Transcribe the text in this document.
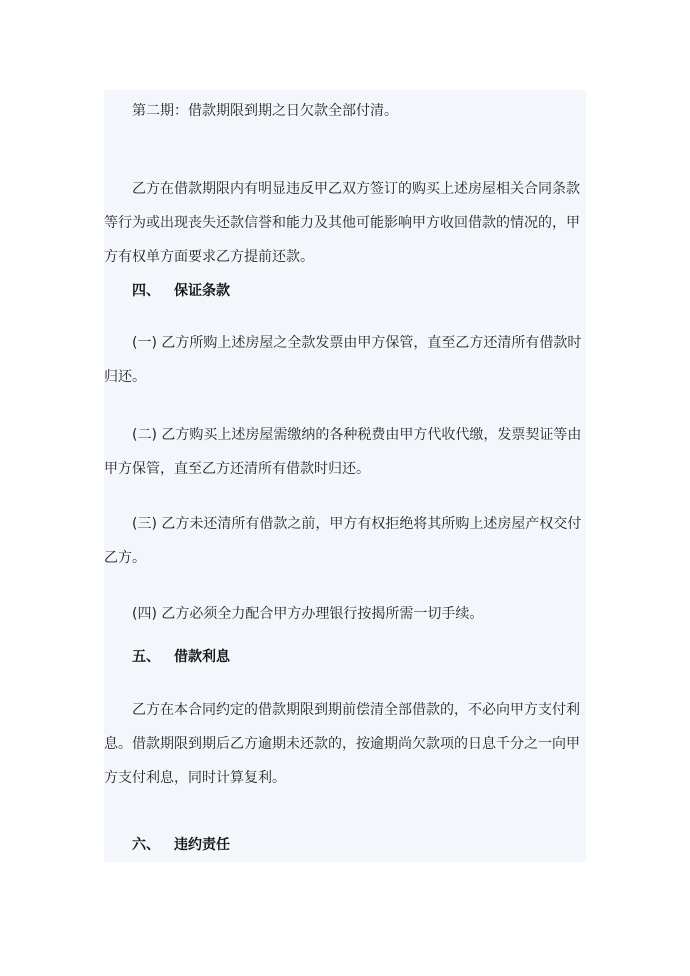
第二期：借款期限到期之日欠款全部付清。

乙方在借款期限内有明显违反甲乙双方签订的购买上述房屋相关合同条款
等行为或出现丧失还款信誉和能力及其他可能影响甲方收回借款的情况的，甲
方有权单方面要求乙方提前还款。

四、 保证条款

(一) 乙方所购上述房屋之全款发票由甲方保管，直至乙方还清所有借款时
归还。

(二) 乙方购买上述房屋需缴纳的各种税费由甲方代收代缴，发票契证等由
甲方保管，直至乙方还清所有借款时归还。

(三) 乙方未还清所有借款之前，甲方有权拒绝将其所购上述房屋产权交付
乙方。

(四) 乙方必须全力配合甲方办理银行按揭所需一切手续。

五、 借款利息

乙方在本合同约定的借款期限到期前偿清全部借款的，不必向甲方支付利
息。借款期限到期后乙方逾期未还款的，按逾期尚欠款项的日息千分之一向甲
方支付利息，同时计算复利。

六、 违约责任
